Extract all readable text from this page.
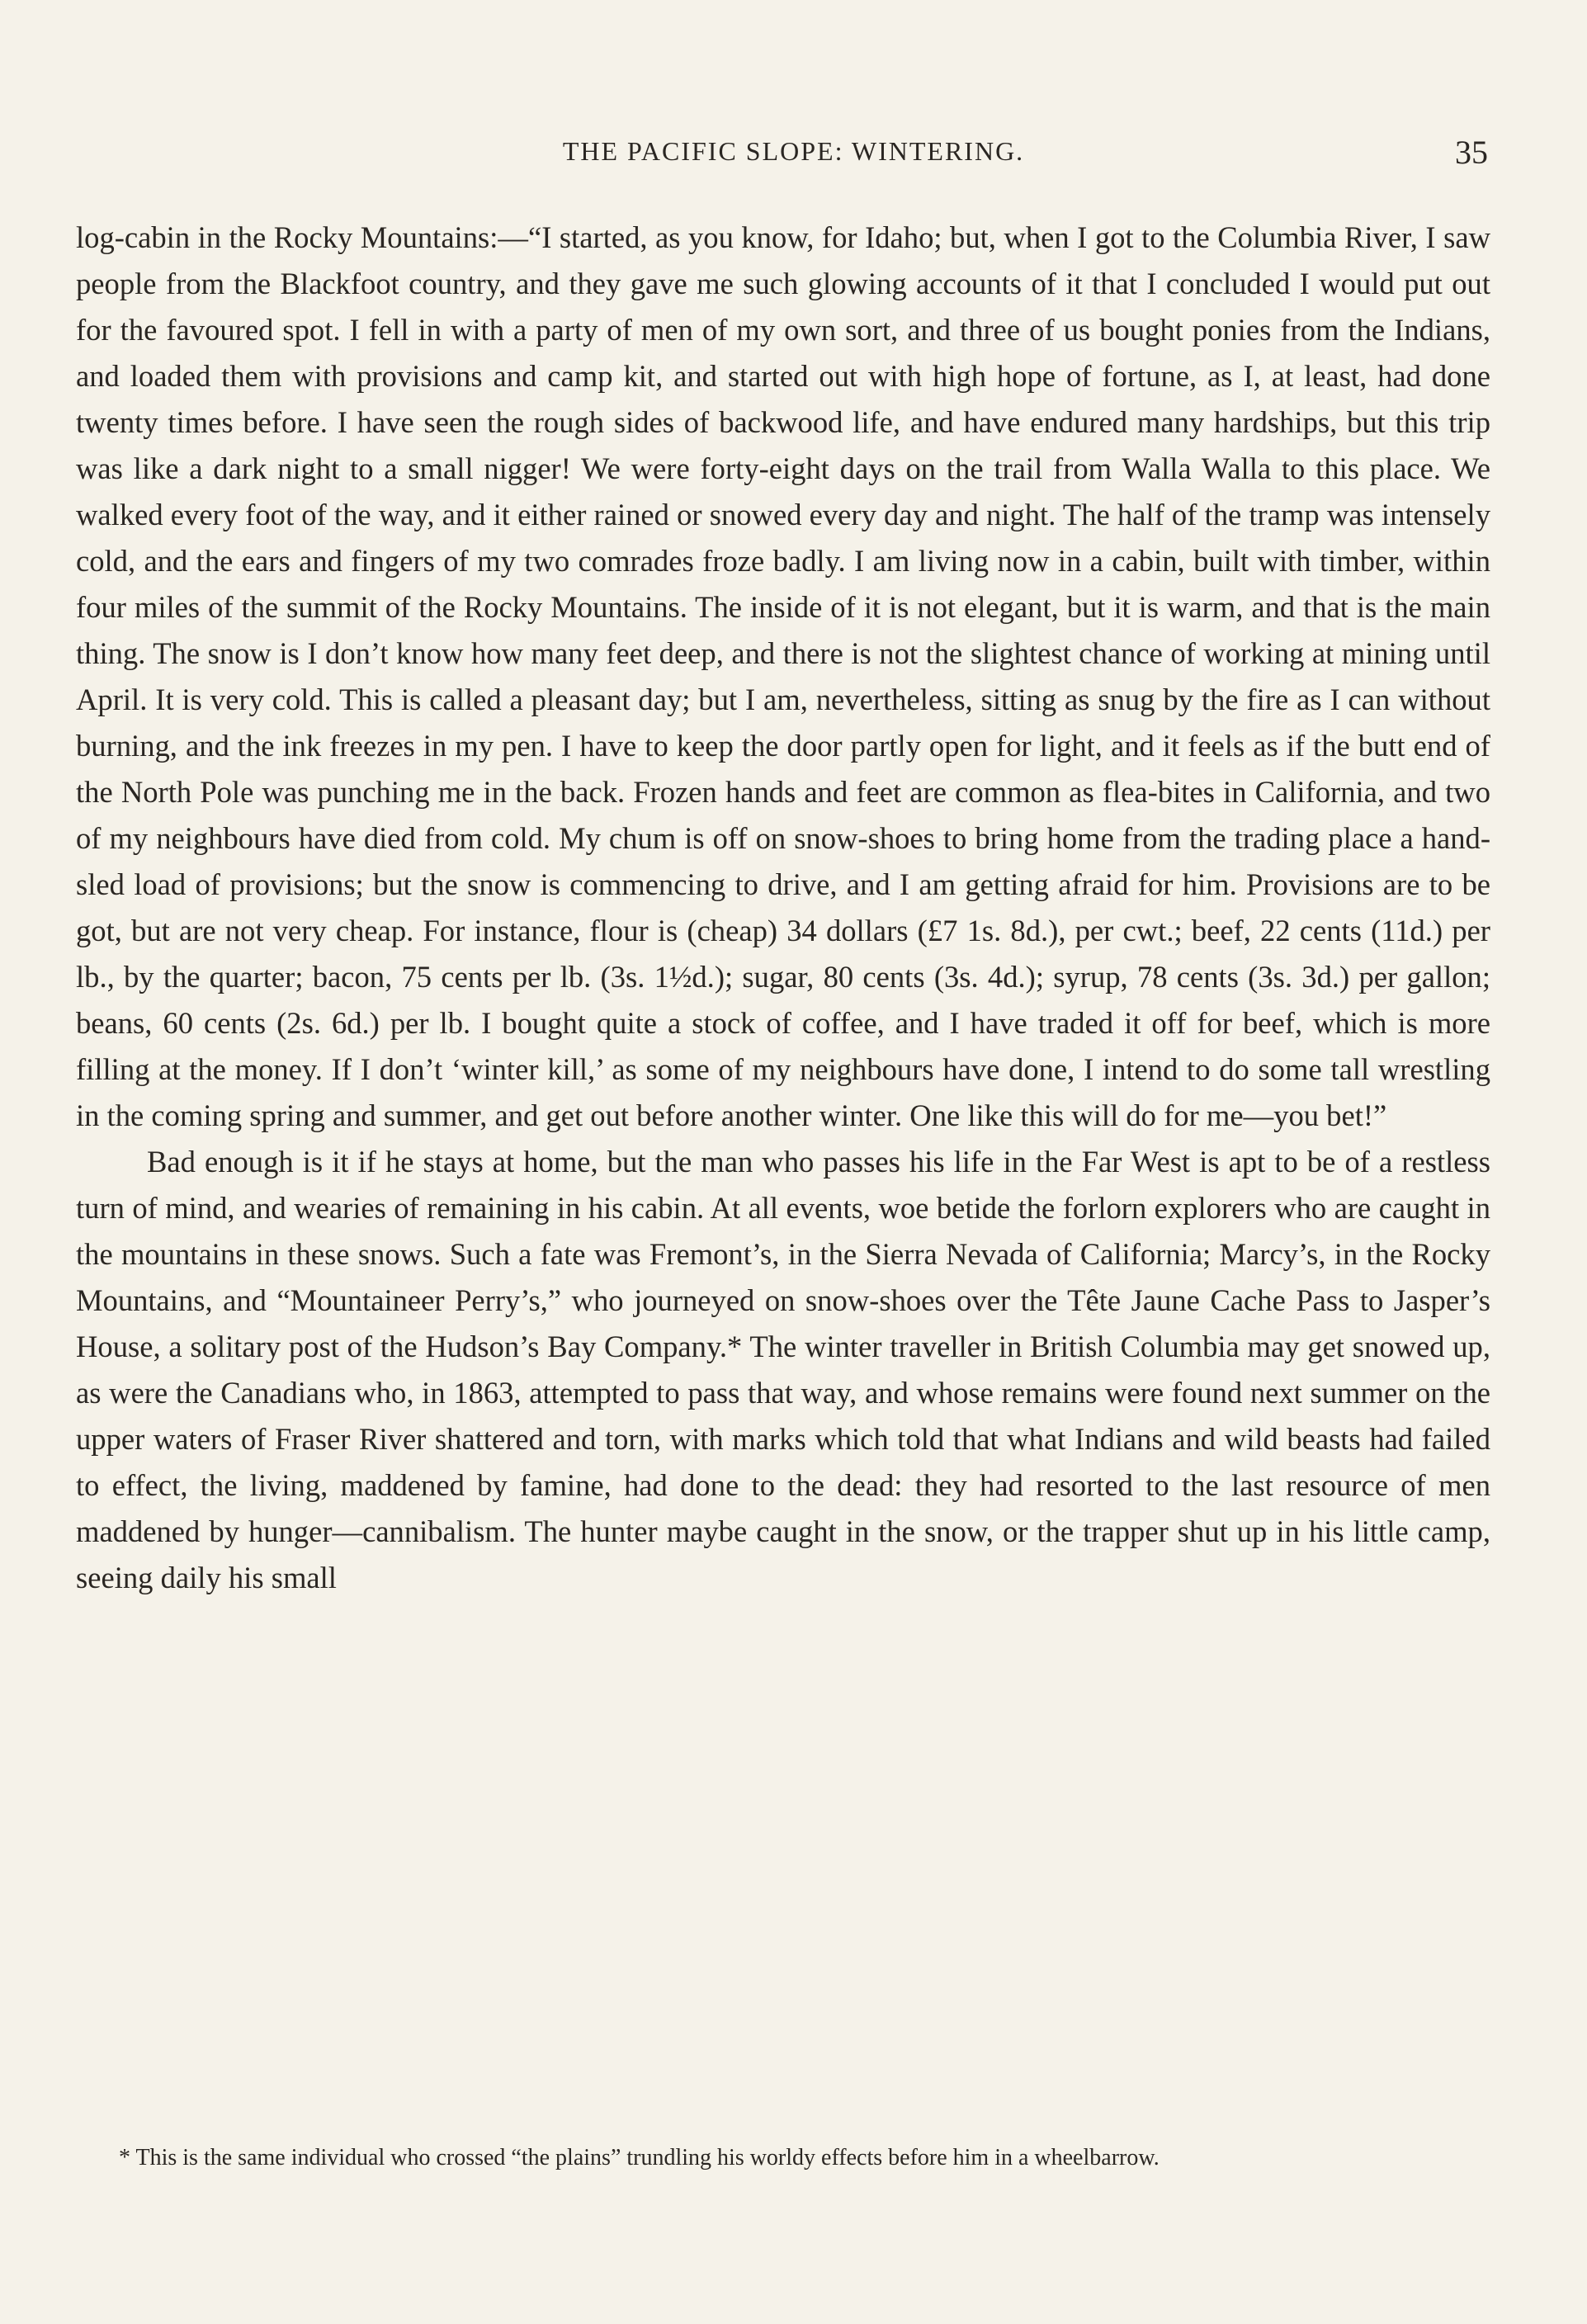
THE PACIFIC SLOPE: WINTERING.	35

log-cabin in the Rocky Mountains:—“I started, as you know, for Idaho; but, when I got to the Columbia River, I saw people from the Blackfoot country, and they gave me such glowing accounts of it that I concluded I would put out for the favoured spot. I fell in with a party of men of my own sort, and three of us bought ponies from the Indians, and loaded them with provisions and camp kit, and started out with high hope of fortune, as I, at least, had done twenty times before. I have seen the rough sides of backwood life, and have endured many hardships, but this trip was like a dark night to a small nigger! We were forty-eight days on the trail from Walla Walla to this place. We walked every foot of the way, and it either rained or snowed every day and night. The half of the tramp was intensely cold, and the ears and fingers of my two comrades froze badly. I am living now in a cabin, built with timber, within four miles of the summit of the Rocky Mountains. The inside of it is not elegant, but it is warm, and that is the main thing. The snow is I don’t know how many feet deep, and there is not the slightest chance of working at mining until April. It is very cold. This is called a pleasant day; but I am, nevertheless, sitting as snug by the fire as I can without burning, and the ink freezes in my pen. I have to keep the door partly open for light, and it feels as if the butt end of the North Pole was punching me in the back. Frozen hands and feet are common as flea-bites in California, and two of my neighbours have died from cold. My chum is off on snow-shoes to bring home from the trading place a hand-sled load of provisions; but the snow is commencing to drive, and I am getting afraid for him. Provisions are to be got, but are not very cheap. For instance, flour is (cheap) 34 dollars (£7 1s. 8d.), per cwt.; beef, 22 cents (11d.) per lb., by the quarter; bacon, 75 cents per lb. (3s. 1½d.); sugar, 80 cents (3s. 4d.); syrup, 78 cents (3s. 3d.) per gallon; beans, 60 cents (2s. 6d.) per lb. I bought quite a stock of coffee, and I have traded it off for beef, which is more filling at the money. If I don’t ‘winter kill,’ as some of my neighbours have done, I intend to do some tall wrestling in the coming spring and summer, and get out before another winter. One like this will do for me—you bet!”

Bad enough is it if he stays at home, but the man who passes his life in the Far West is apt to be of a restless turn of mind, and wearies of remaining in his cabin. At all events, woe betide the forlorn explorers who are caught in the mountains in these snows. Such a fate was Fremont’s, in the Sierra Nevada of California; Marcy’s, in the Rocky Mountains, and “Mountaineer Perry’s,” who journeyed on snow-shoes over the Tête Jaune Cache Pass to Jasper’s House, a solitary post of the Hudson’s Bay Company.* The winter traveller in British Columbia may get snowed up, as were the Canadians who, in 1863, attempted to pass that way, and whose remains were found next summer on the upper waters of Fraser River shattered and torn, with marks which told that what Indians and wild beasts had failed to effect, the living, maddened by famine, had done to the dead: they had resorted to the last resource of men maddened by hunger—cannibalism. The hunter maybe caught in the snow, or the trapper shut up in his little camp, seeing daily his small

* This is the same individual who crossed “the plains” trundling his worldy effects before him in a wheelbarrow.
